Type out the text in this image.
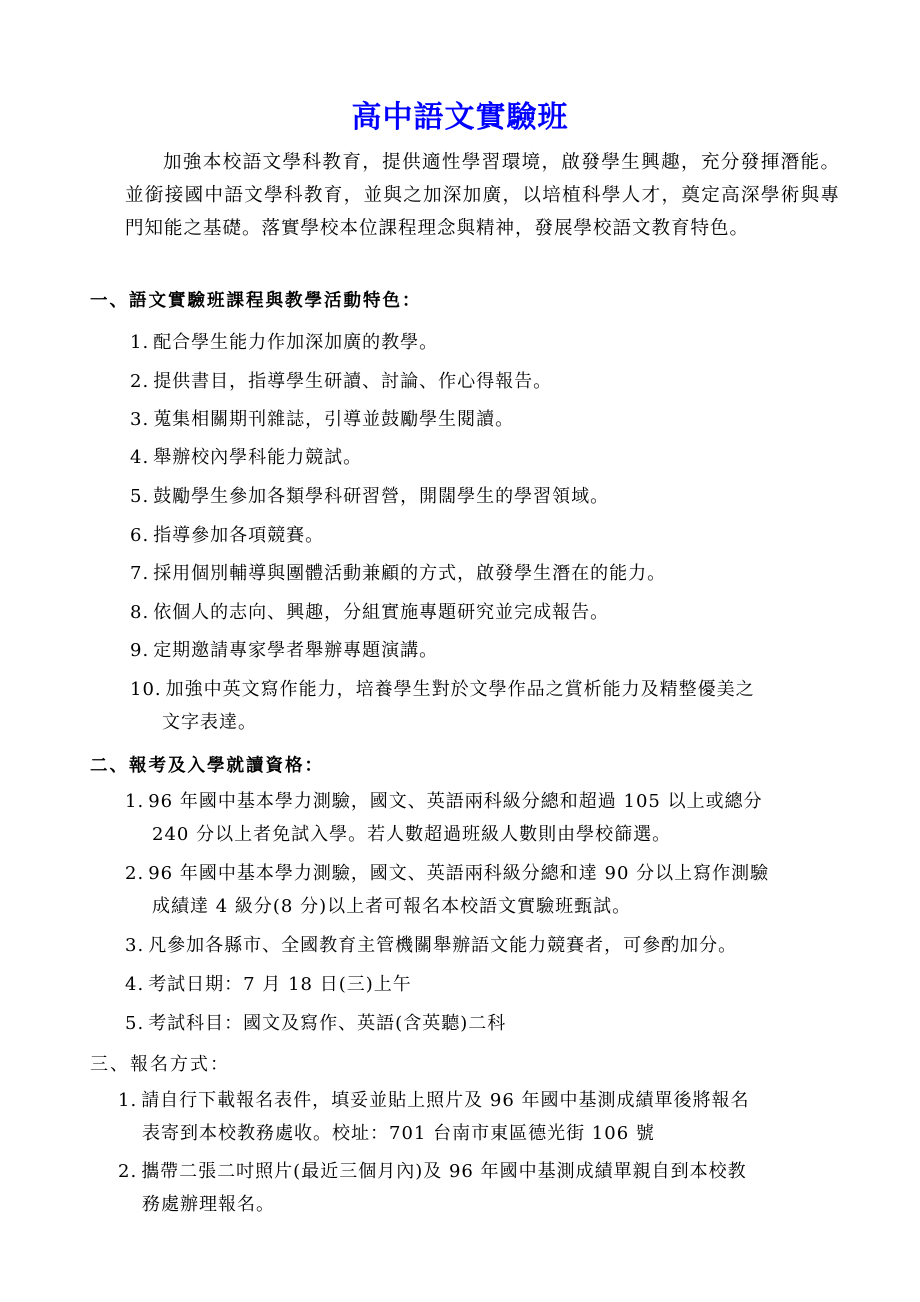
高中語文實驗班
加強本校語文學科教育，提供適性學習環境，啟發學生興趣，充分發揮潛能。並銜接國中語文學科教育，並與之加深加廣，以培植科學人才，奠定高深學術與專門知能之基礎。落實學校本位課程理念與精神，發展學校語文教育特色。
一、語文實驗班課程與教學活動特色：
1. 配合學生能力作加深加廣的教學。
2. 提供書目，指導學生研讀、討論、作心得報告。
3. 蒐集相關期刊雜誌，引導並鼓勵學生閱讀。
4. 舉辦校內學科能力競試。
5. 鼓勵學生參加各類學科研習營，開闊學生的學習領域。
6. 指導參加各項競賽。
7. 採用個別輔導與團體活動兼顧的方式，啟發學生潛在的能力。
8. 依個人的志向、興趣，分組實施專題研究並完成報告。
9. 定期邀請專家學者舉辦專題演講。
10. 加強中英文寫作能力，培養學生對於文學作品之賞析能力及精整優美之
文字表達。
二、報考及入學就讀資格：
1. 96 年國中基本學力測驗，國文、英語兩科級分總和超過 105 以上或總分
240 分以上者免試入學。若人數超過班級人數則由學校篩選。
2. 96 年國中基本學力測驗，國文、英語兩科級分總和達 90 分以上寫作測驗
成績達 4 級分(8 分)以上者可報名本校語文實驗班甄試。
3. 凡參加各縣市、全國教育主管機關舉辦語文能力競賽者，可參酌加分。
4. 考試日期：7 月 18 日(三)上午
5. 考試科目：國文及寫作、英語(含英聽)二科
三、報名方式：
1. 請自行下載報名表件，填妥並貼上照片及 96 年國中基測成績單後將報名
表寄到本校教務處收。校址：701 台南市東區德光街 106 號
2. 攜帶二張二吋照片(最近三個月內)及 96 年國中基測成績單親自到本校教
務處辦理報名。
